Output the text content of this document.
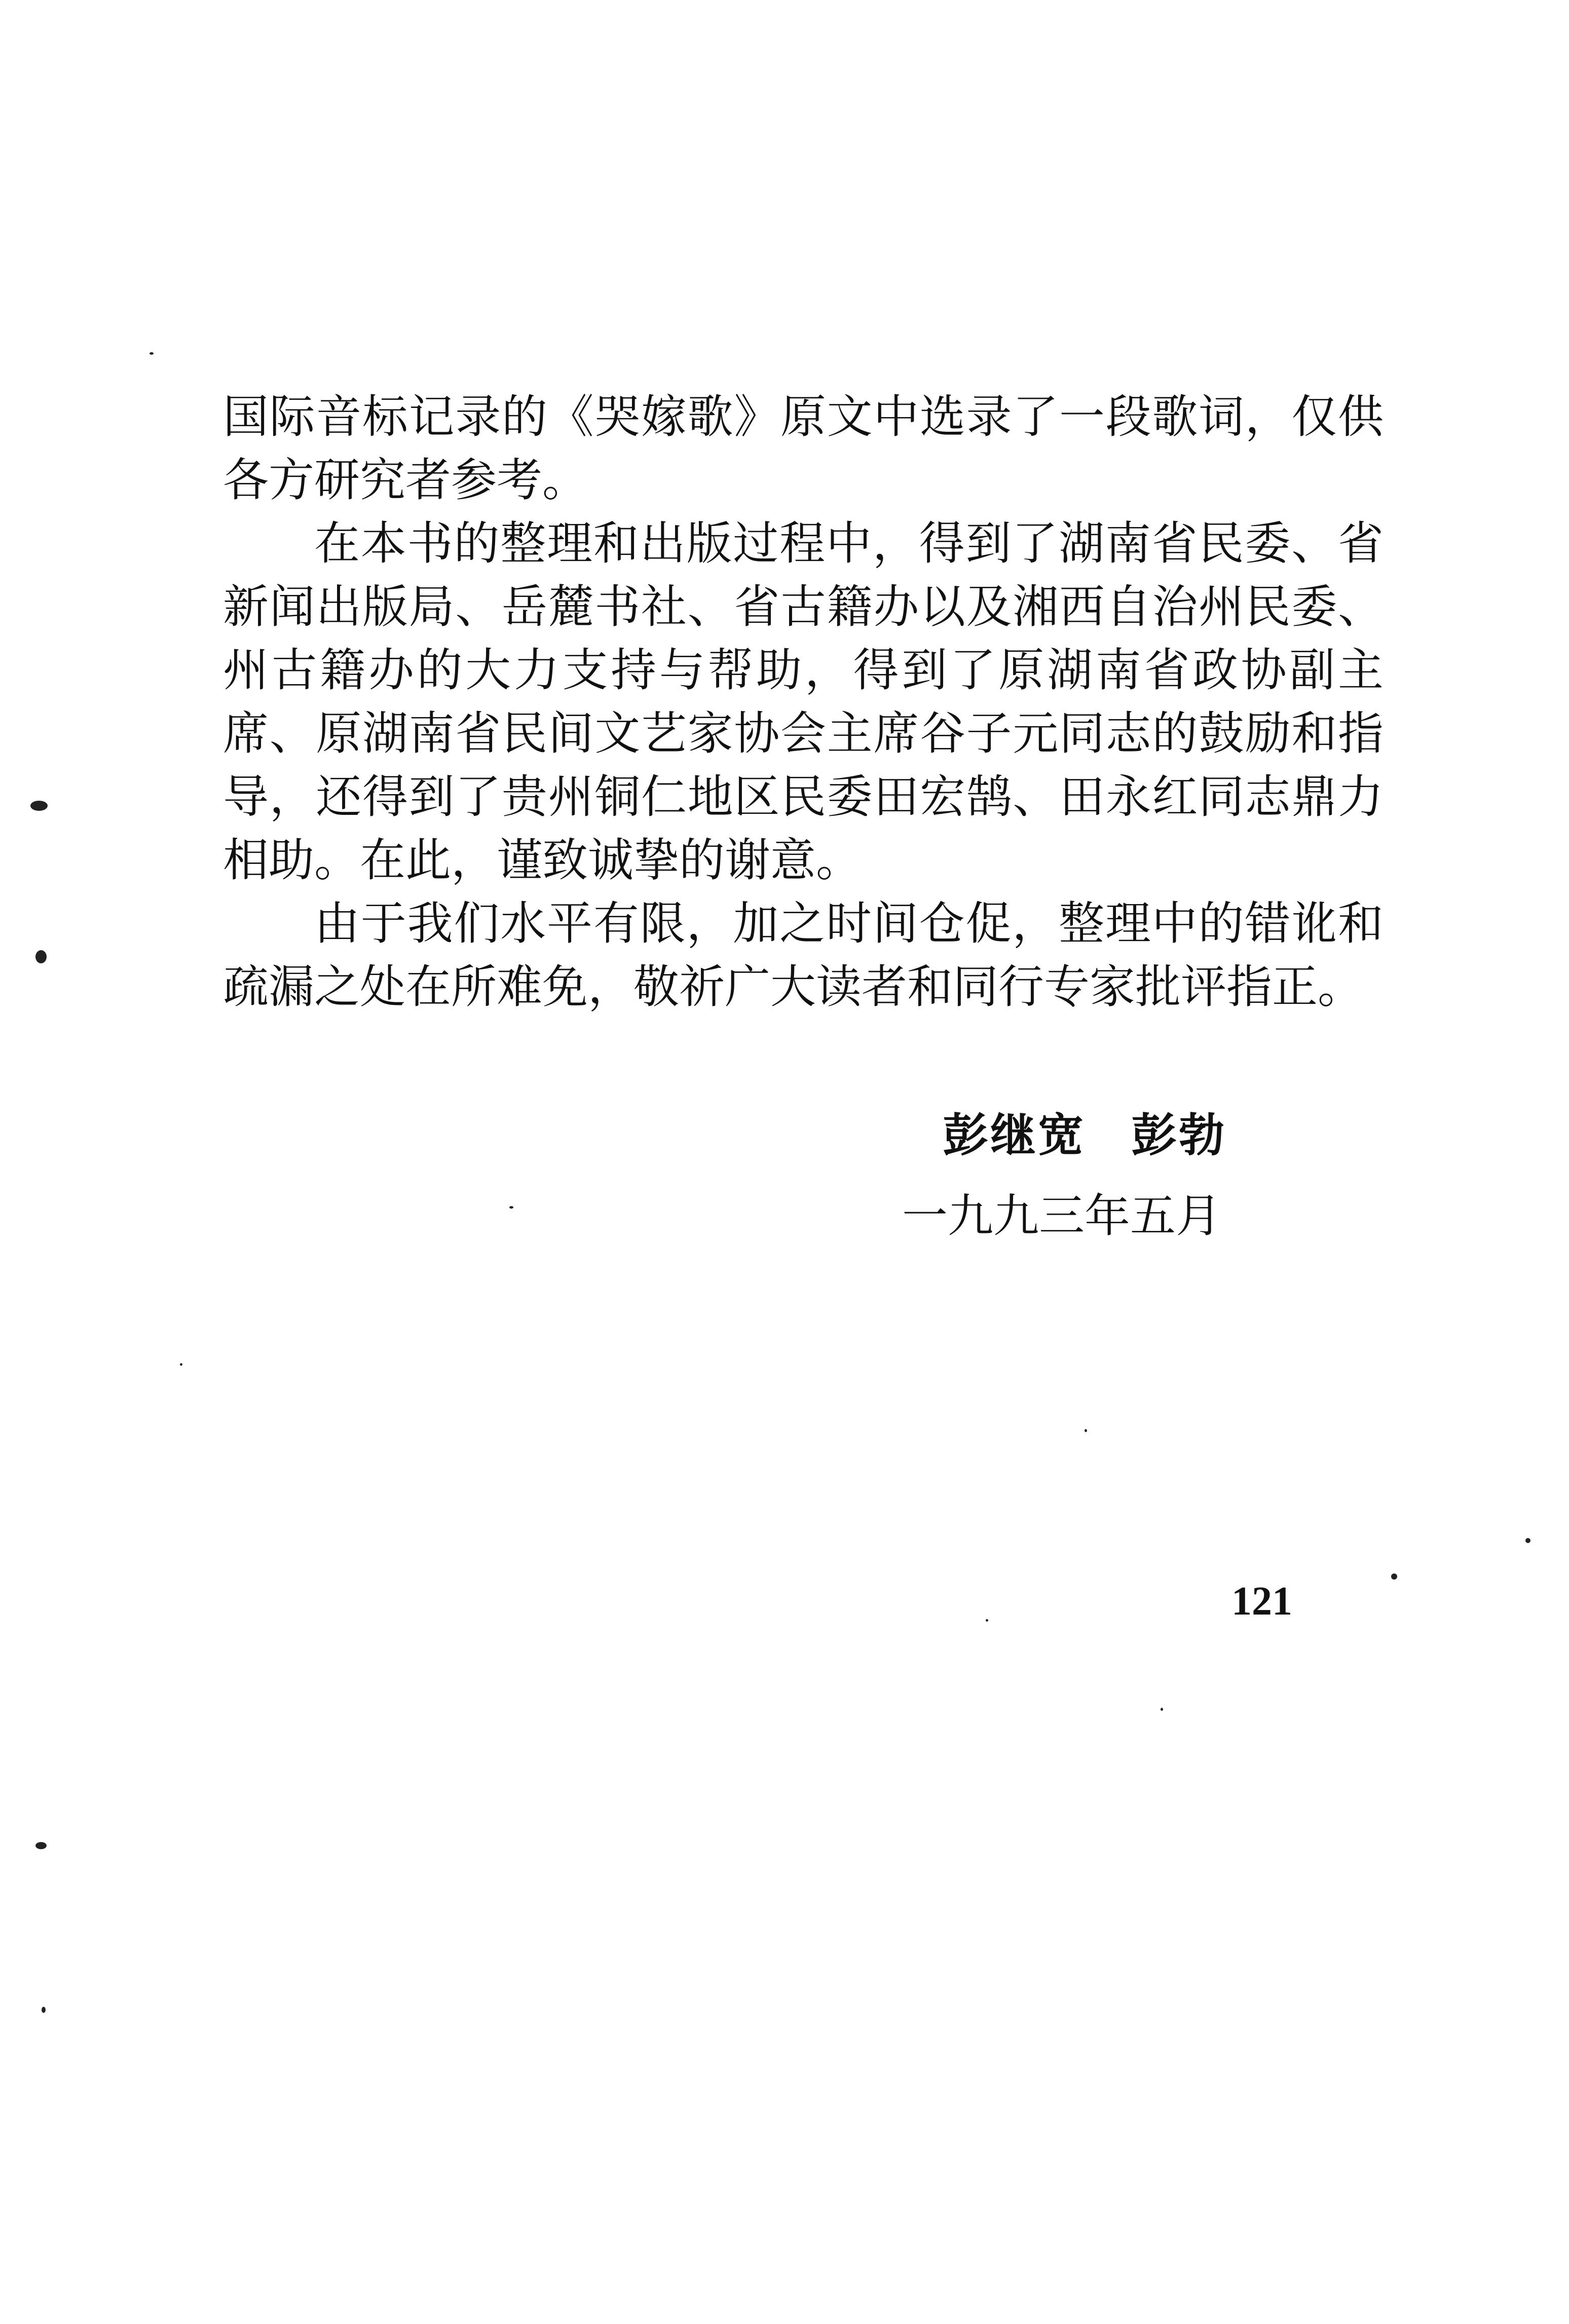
国际音标记录的《哭嫁歌》原文中选录了一段歌词，仅供各方研究者参考。

在本书的整理和出版过程中，得到了湖南省民委、省新闻出版局、岳麓书社、省古籍办以及湘西自治州民委、州古籍办的大力支持与帮助，得到了原湖南省政协副主席、原湖南省民间文艺家协会主席谷子元同志的鼓励和指导，还得到了贵州铜仁地区民委田宏鹄、田永红同志鼎力相助。在此，谨致诚挚的谢意。

由于我们水平有限，加之时间仓促，整理中的错讹和疏漏之处在所难免，敬祈广大读者和同行专家批评指正。

彭继宽 彭勃
一九九三年五月
121
